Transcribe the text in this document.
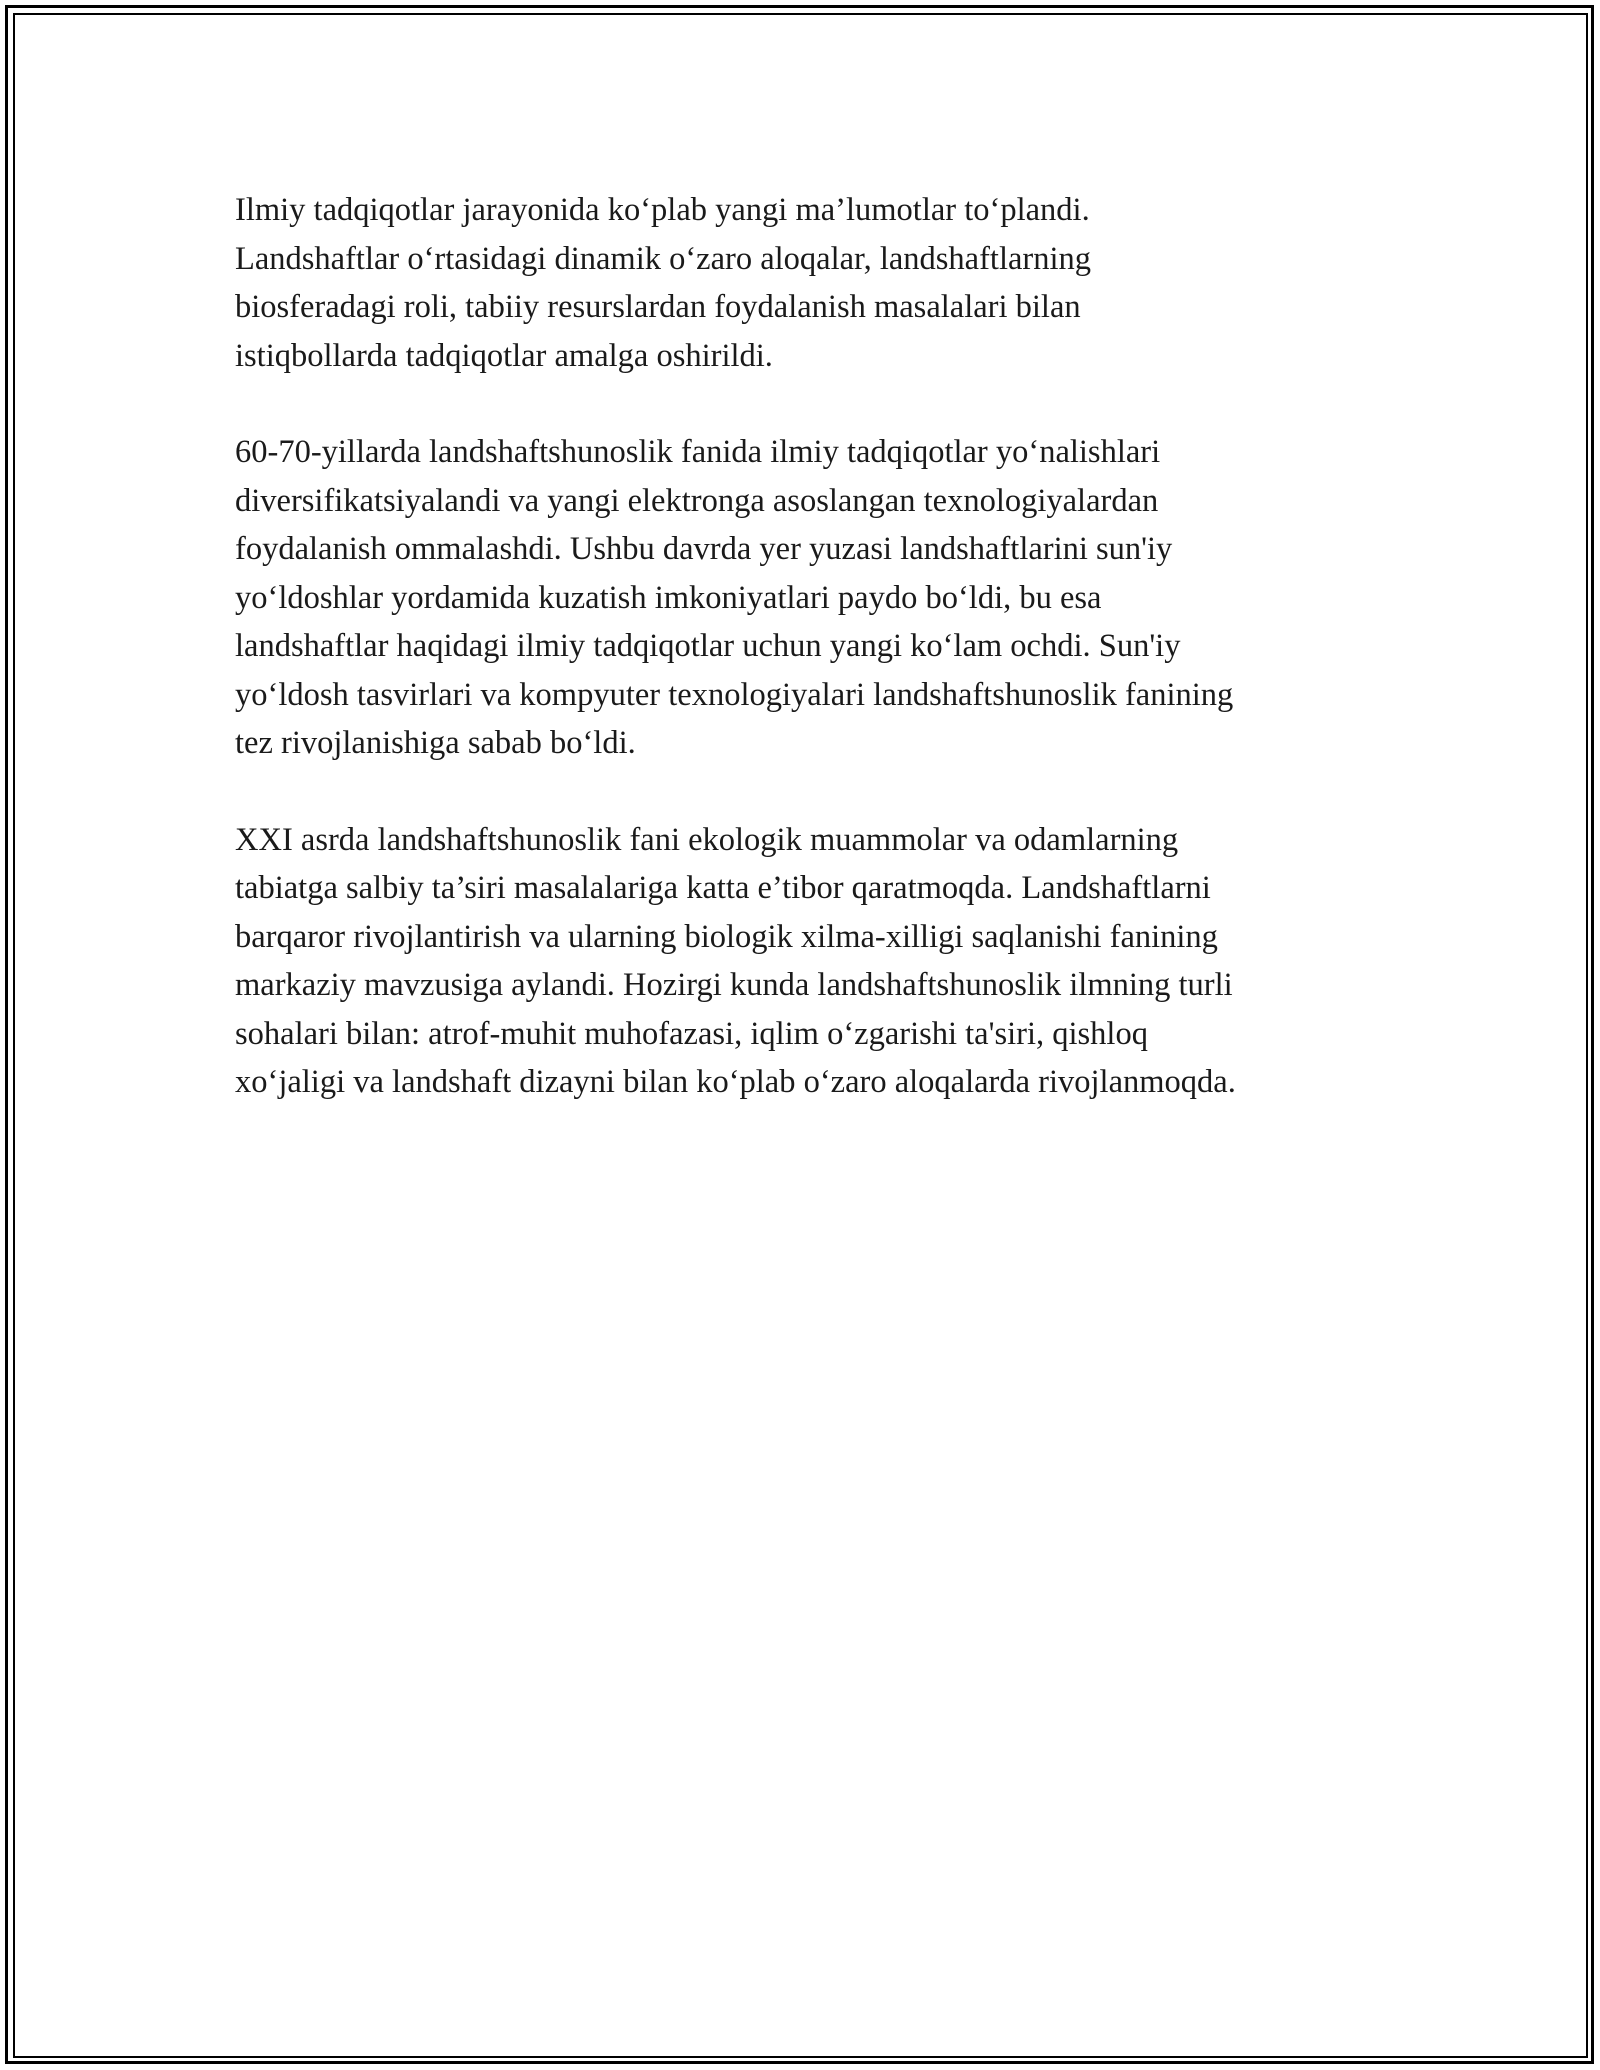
Ilmiy tadqiqotlar jarayonida ko‘plab yangi ma’lumotlar to‘plandi.
Landshaftlar o‘rtasidagi dinamik o‘zaro aloqalar, landshaftlarning
biosferadagi roli, tabiiy resurslardan foydalanish masalalari bilan
istiqbollarda tadqiqotlar amalga oshirildi.

60-70-yillarda landshaftshunoslik fanida ilmiy tadqiqotlar yo‘nalishlari
diversifikatsiyalandi va yangi elektronga asoslangan texnologiyalardan
foydalanish ommalashdi. Ushbu davrda yer yuzasi landshaftlarini sun'iy
yo‘ldoshlar yordamida kuzatish imkoniyatlari paydo bo‘ldi, bu esa
landshaftlar haqidagi ilmiy tadqiqotlar uchun yangi ko‘lam ochdi. Sun'iy
yo‘ldosh tasvirlari va kompyuter texnologiyalari landshaftshunoslik fanining
tez rivojlanishiga sabab bo‘ldi.

XXI asrda landshaftshunoslik fani ekologik muammolar va odamlarning
tabiatga salbiy ta’siri masalalariga katta e’tibor qaratmoqda. Landshaftlarni
barqaror rivojlantirish va ularning biologik xilma-xilligi saqlanishi fanining
markaziy mavzusiga aylandi. Hozirgi kunda landshaftshunoslik ilmning turli
sohalari bilan: atrof-muhit muhofazasi, iqlim o‘zgarishi ta'siri, qishloq
xo‘jaligi va landshaft dizayni bilan ko‘plab o‘zaro aloqalarda rivojlanmoqda.
